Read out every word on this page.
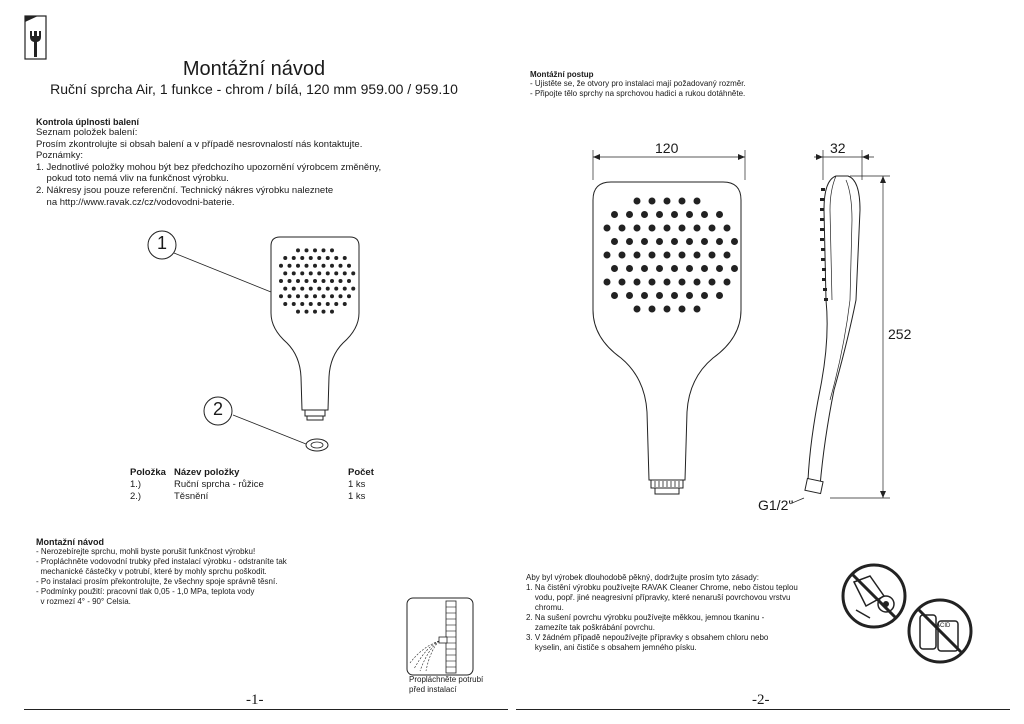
Montážní návod
Ruční sprcha Air, 1 funkce - chrom / bílá, 120 mm 959.00 / 959.10
Kontrola úplnosti balení
Seznam položek balení:
Prosím zkontrolujte si obsah balení a v případě nesrovnalostí nás kontaktujte.
Poznámky:
1. Jednotlivé položky mohou být bez předchozího upozornění výrobcem změněny,
pokud toto nemá vliv na funkčnost výrobku.
2. Nákresy jsou pouze referenční. Technický nákres výrobku naleznete
na http://www.ravak.cz/cz/vodovodni-baterie.
1
2
Položka Název položky	Počet
1.)	Ruční sprcha - růžice	1 ks
2.)	Těsnění	1 ks
Montažní návod
- Nerozebírejte sprchu, mohli byste porušit funkčnost výrobku!
- Propláchněte vodovodní trubky před instalací výrobku - odstraníte tak
mechanické částečky v potrubí, které by mohly sprchu poškodit.
- Po instalaci prosím překontrolujte, že všechny spoje správně těsní.
- Podmínky použití: pracovní tlak 0,05 - 1,0 MPa, teplota vody
v rozmezí 4° - 90° Celsia.
Propláchněte potrubí
před instalací
Montážní postup
- Ujistěte se, že otvory pro instalaci mají požadovaný rozměr.
- Připojte tělo sprchy na sprchovou hadici a rukou dotáhněte.
120	32
252
G1/2"
Aby byl výrobek dlouhodobě pěkný, dodržujte prosím tyto zásady:
1. Na čistění výrobku používejte RAVAK Cleaner Chrome, nebo čistou teplou
vodu, popř. jiné neagresivní přípravky, které nenaruší povrchovou vrstvu
chromu.
2. Na sušení povrchu výrobku používejte měkkou, jemnou tkaninu -
zamezíte tak poškrábání povrchu.
3. V žádném případě nepoužívejte přípravky s obsahem chloru nebo
kyselin, ani čističe s obsahem jemného písku.
ACID
-1-	-2-
